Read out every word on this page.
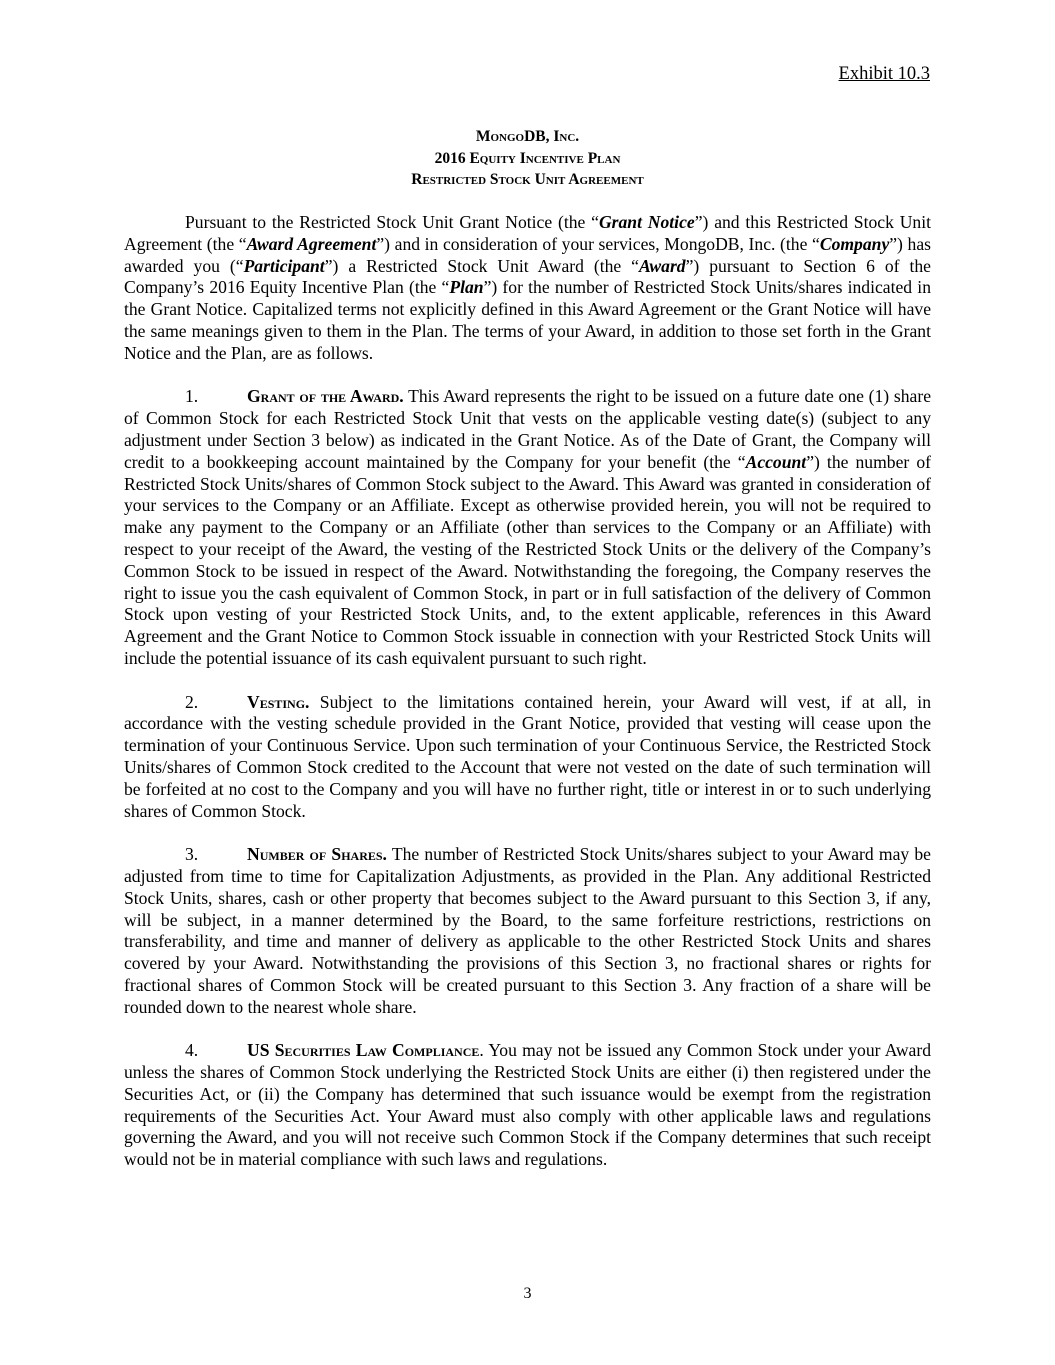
Exhibit 10.3
MongoDB, Inc.
2016 Equity Incentive Plan
Restricted Stock Unit Agreement

Pursuant to the Restricted Stock Unit Grant Notice (the “Grant Notice”) and this Restricted Stock Unit Agreement (the “Award Agreement”) and in consideration of your services, MongoDB, Inc. (the “Company”) has awarded you (“Participant”) a Restricted Stock Unit Award (the “Award”) pursuant to Section 6 of the Company’s 2016 Equity Incentive Plan (the “Plan”) for the number of Restricted Stock Units/shares indicated in the Grant Notice. Capitalized terms not explicitly defined in this Award Agreement or the Grant Notice will have the same meanings given to them in the Plan. The terms of your Award, in addition to those set forth in the Grant Notice and the Plan, are as follows.

1.	Grant of the Award. This Award represents the right to be issued on a future date one (1) share of Common Stock for each Restricted Stock Unit that vests on the applicable vesting date(s) (subject to any adjustment under Section 3 below) as indicated in the Grant Notice. As of the Date of Grant, the Company will credit to a bookkeeping account maintained by the Company for your benefit (the “Account”) the number of Restricted Stock Units/shares of Common Stock subject to the Award. This Award was granted in consideration of your services to the Company or an Affiliate. Except as otherwise provided herein, you will not be required to make any payment to the Company or an Affiliate (other than services to the Company or an Affiliate) with respect to your receipt of the Award, the vesting of the Restricted Stock Units or the delivery of the Company’s Common Stock to be issued in respect of the Award. Notwithstanding the foregoing, the Company reserves the right to issue you the cash equivalent of Common Stock, in part or in full satisfaction of the delivery of Common Stock upon vesting of your Restricted Stock Units, and, to the extent applicable, references in this Award Agreement and the Grant Notice to Common Stock issuable in connection with your Restricted Stock Units will include the potential issuance of its cash equivalent pursuant to such right.

2.	Vesting. Subject to the limitations contained herein, your Award will vest, if at all, in accordance with the vesting schedule provided in the Grant Notice, provided that vesting will cease upon the termination of your Continuous Service. Upon such termination of your Continuous Service, the Restricted Stock Units/shares of Common Stock credited to the Account that were not vested on the date of such termination will be forfeited at no cost to the Company and you will have no further right, title or interest in or to such underlying shares of Common Stock.

3.	Number of Shares. The number of Restricted Stock Units/shares subject to your Award may be adjusted from time to time for Capitalization Adjustments, as provided in the Plan. Any additional Restricted Stock Units, shares, cash or other property that becomes subject to the Award pursuant to this Section 3, if any, will be subject, in a manner determined by the Board, to the same forfeiture restrictions, restrictions on transferability, and time and manner of delivery as applicable to the other Restricted Stock Units and shares covered by your Award. Notwithstanding the provisions of this Section 3, no fractional shares or rights for fractional shares of Common Stock will be created pursuant to this Section 3. Any fraction of a share will be rounded down to the nearest whole share.

4.	US Securities Law Compliance. You may not be issued any Common Stock under your Award unless the shares of Common Stock underlying the Restricted Stock Units are either (i) then registered under the Securities Act, or (ii) the Company has determined that such issuance would be exempt from the registration requirements of the Securities Act. Your Award must also comply with other applicable laws and regulations governing the Award, and you will not receive such Common Stock if the Company determines that such receipt would not be in material compliance with such laws and regulations.

3
